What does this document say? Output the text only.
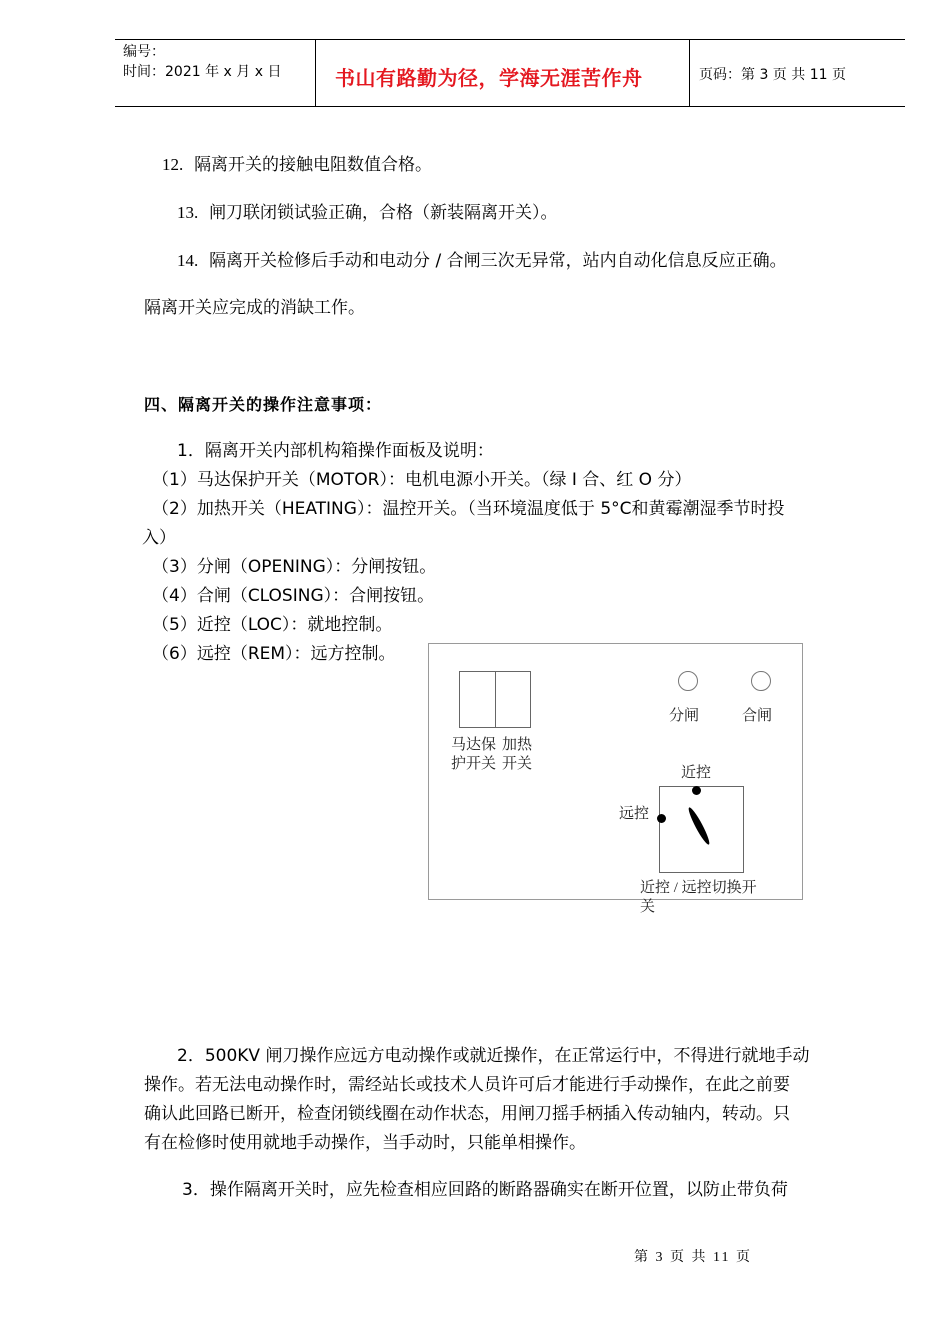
编号：
时间：2021 年 x 月 x 日	书山有路勤为径，学海无涯苦作舟	页码：第 3 页 共 11 页
12. 隔离开关的接触电阻数值合格。
13. 闸刀联闭锁试验正确，合格（新装隔离开关）。
14. 隔离开关检修后手动和电动分 / 合闸三次无异常，站内自动化信息反应正确。
隔离开关应完成的消缺工作。
四、隔离开关的操作注意事项：
1．隔离开关内部机构箱操作面板及说明：
（1）马达保护开关（MOTOR）：电机电源小开关。（绿 I 合、红 O 分）
（2）加热开关（HEATING）：温控开关。（当环境温度低于 5°C和黄霉潮湿季节时投
入）
（3）分闸（OPENING）：分闸按钮。
（4）合闸（CLOSING）：合闸按钮。
（5）近控（LOC）：就地控制。
（6）远控（REM）：远方控制。
马达保
护开关
加热
开关
分闸	合闸
近控
远控
近控 / 远控切换开
关
2．500KV 闸刀操作应远方电动操作或就近操作，在正常运行中，不得进行就地手动
操作。若无法电动操作时，需经站长或技术人员许可后才能进行手动操作，在此之前要
确认此回路已断开，检查闭锁线圈在动作状态，用闸刀摇手柄插入传动轴内，转动。只
有在检修时使用就地手动操作，当手动时，只能单相操作。
3．操作隔离开关时，应先检查相应回路的断路器确实在断开位置，以防止带负荷
第 3 页 共 11 页
